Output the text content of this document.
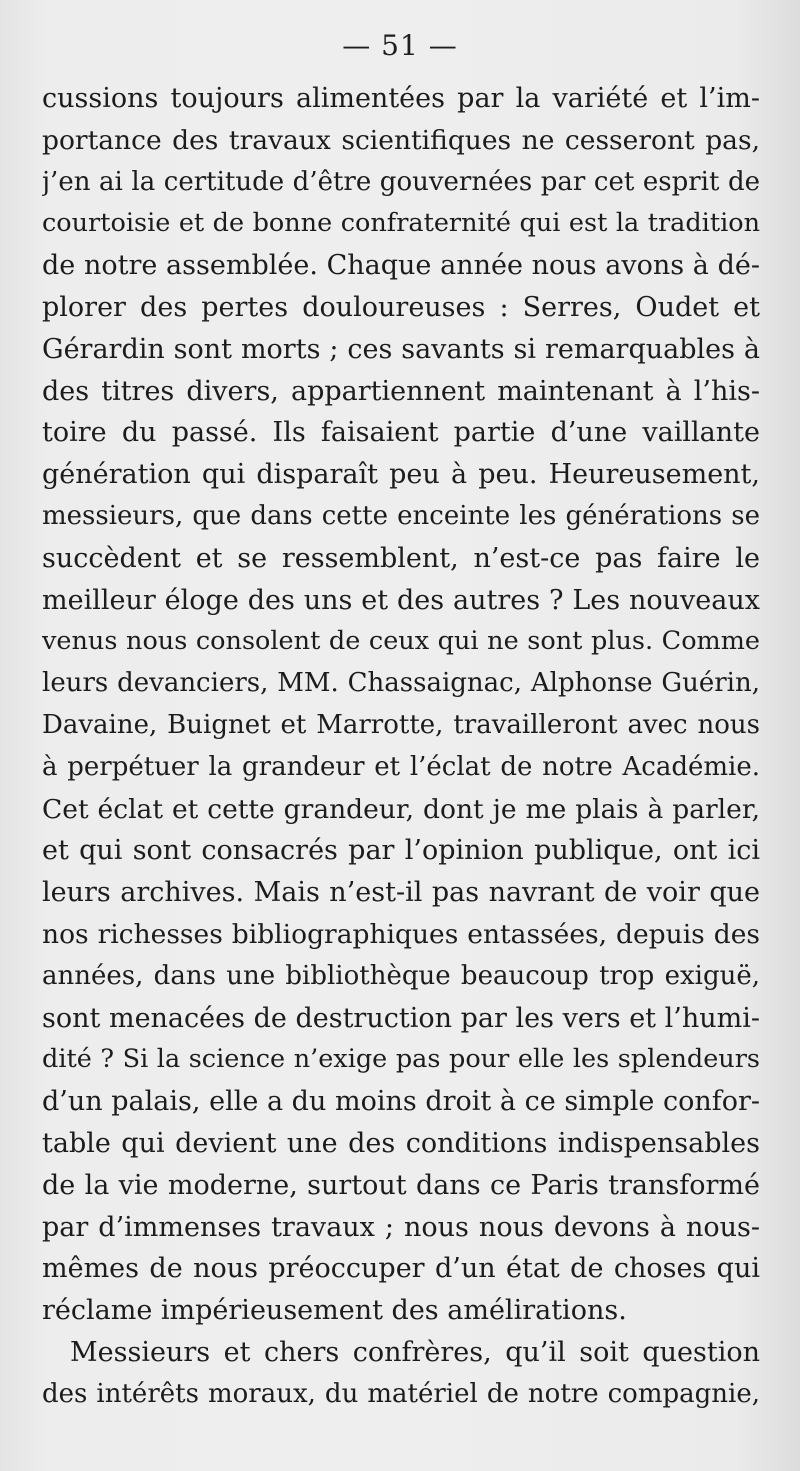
— 51 —
cussions toujours alimentées par la variété et l’im-
portance des travaux scientifiques ne cesseront pas,
j’en ai la certitude d’être gouvernées par cet esprit de
courtoisie et de bonne confraternité qui est la tradition
de notre assemblée. Chaque année nous avons à dé-
plorer des pertes douloureuses : Serres, Oudet et
Gérardin sont morts ; ces savants si remarquables à
des titres divers, appartiennent maintenant à l’his-
toire du passé. Ils faisaient partie d’une vaillante
génération qui disparaît peu à peu. Heureusement,
messieurs, que dans cette enceinte les générations se
succèdent et se ressemblent, n’est-ce pas faire le
meilleur éloge des uns et des autres ? Les nouveaux
venus nous consolent de ceux qui ne sont plus. Comme
leurs devanciers, MM. Chassaignac, Alphonse Guérin,
Davaine, Buignet et Marrotte, travailleront avec nous
à perpétuer la grandeur et l’éclat de notre Académie.
Cet éclat et cette grandeur, dont je me plais à parler,
et qui sont consacrés par l’opinion publique, ont ici
leurs archives. Mais n’est-il pas navrant de voir que
nos richesses bibliographiques entassées, depuis des
années, dans une bibliothèque beaucoup trop exiguë,
sont menacées de destruction par les vers et l’humi-
dité ? Si la science n’exige pas pour elle les splendeurs
d’un palais, elle a du moins droit à ce simple confor-
table qui devient une des conditions indispensables
de la vie moderne, surtout dans ce Paris transformé
par d’immenses travaux ; nous nous devons à nous-
mêmes de nous préoccuper d’un état de choses qui
réclame impérieusement des amélirations.
Messieurs et chers confrères, qu’il soit question
des intérêts moraux, du matériel de notre compagnie,
